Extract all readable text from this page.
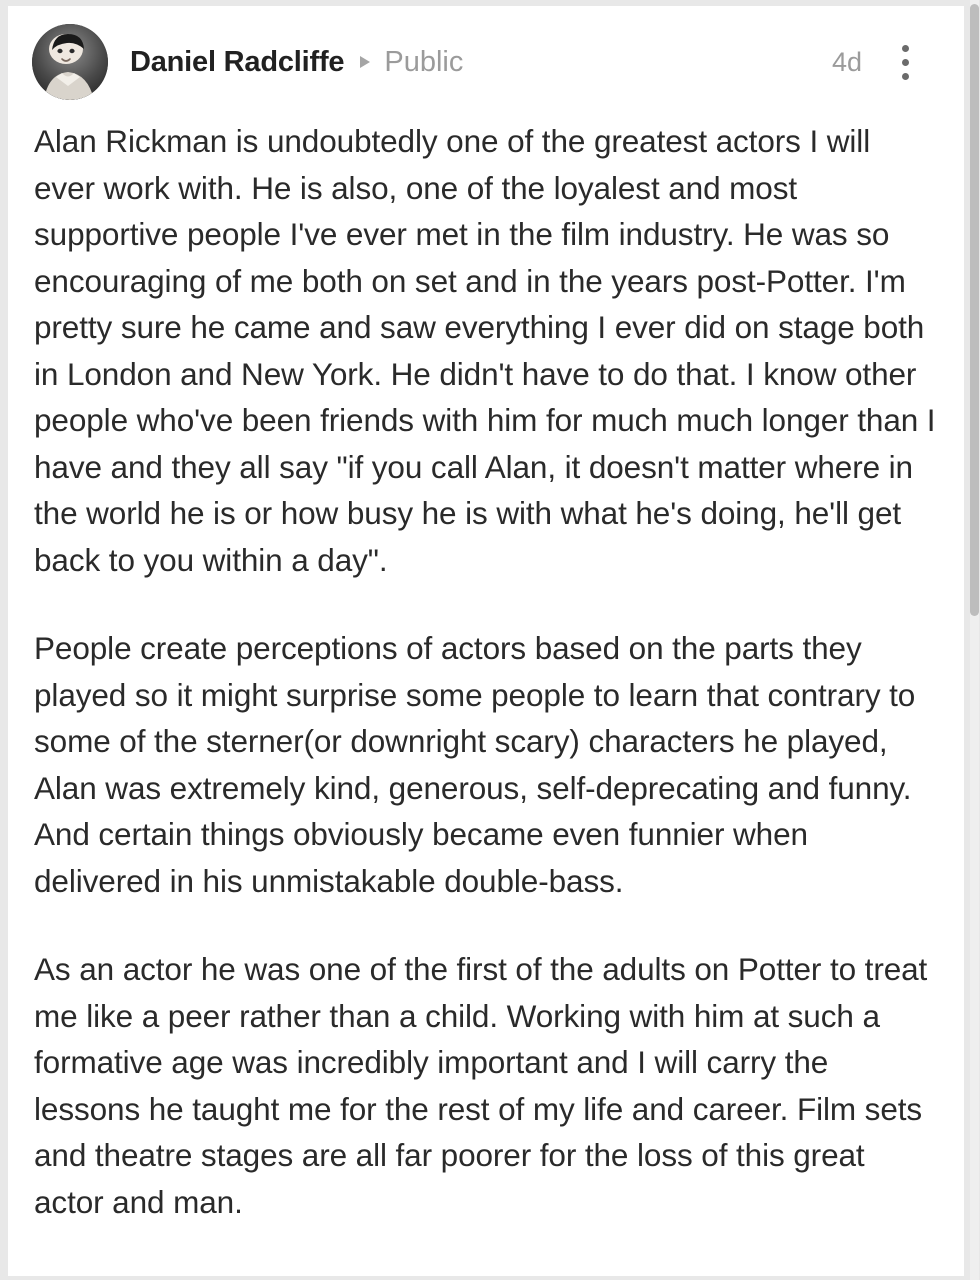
Daniel Radcliffe Public	4d

Alan Rickman is undoubtedly one of the greatest actors I will ever work with. He is also, one of the loyalest and most supportive people I've ever met in the film industry. He was so encouraging of me both on set and in the years post-Potter. I'm pretty sure he came and saw everything I ever did on stage both in London and New York. He didn't have to do that. I know other people who've been friends with him for much much longer than I have and they all say "if you call Alan, it doesn't matter where in the world he is or how busy he is with what he's doing, he'll get back to you within a day".

People create perceptions of actors based on the parts they played so it might surprise some people to learn that contrary to some of the sterner(or downright scary) characters he played, Alan was extremely kind, generous, self-deprecating and funny. And certain things obviously became even funnier when delivered in his unmistakable double-bass.

As an actor he was one of the first of the adults on Potter to treat me like a peer rather than a child. Working with him at such a formative age was incredibly important and I will carry the lessons he taught me for the rest of my life and career. Film sets and theatre stages are all far poorer for the loss of this great actor and man.
